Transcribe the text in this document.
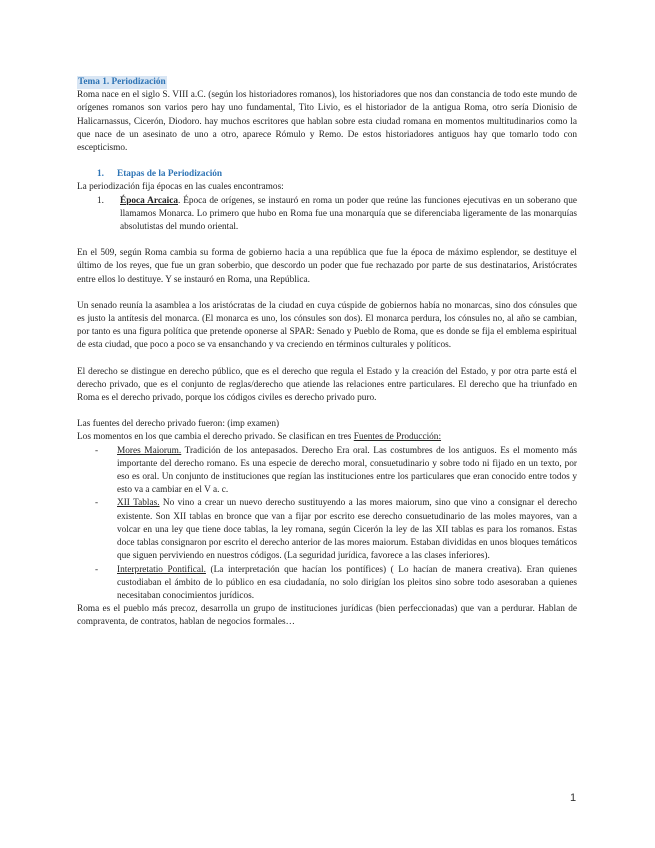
Tema 1. Periodización

Roma nace en el siglo S. VIII a.C. (según los historiadores romanos), los historiadores que nos dan constancia de todo este mundo de orígenes romanos son varios pero hay uno fundamental, Tito Livio, es el historiador de la antigua Roma, otro sería Dionisio de Halicarnassus, Cicerón, Diodoro. hay muchos escritores que hablan sobre esta ciudad romana en momentos multitudinarios como la que nace de un asesinato de uno a otro, aparece Rómulo y Remo. De estos historiadores antiguos hay que tomarlo todo con escepticismo.

1. Etapas de la Periodización

La periodización fija épocas en las cuales encontramos:

1. Época Arcaica. Época de orígenes, se instauró en roma un poder que reúne las funciones ejecutivas en un soberano que llamamos Monarca. Lo primero que hubo en Roma fue una monarquía que se diferenciaba ligeramente de las monarquías absolutistas del mundo oriental.

En el 509, según Roma cambia su forma de gobierno hacia a una república que fue la época de máximo esplendor, se destituye el último de los reyes, que fue un gran soberbio, que descordo un poder que fue rechazado por parte de sus destinatarios, Aristócrates entre ellos lo destituye. Y se instauró en Roma, una República.

Un senado reunía la asamblea a los aristócratas de la ciudad en cuya cúspide de gobiernos había no monarcas, sino dos cónsules que es justo la antítesis del monarca. (El monarca es uno, los cónsules son dos). El monarca perdura, los cónsules no, al año se cambian, por tanto es una figura política que pretende oponerse al SPAR: Senado y Pueblo de Roma, que es donde se fija el emblema espiritual de esta ciudad, que poco a poco se va ensanchando y va creciendo en términos culturales y políticos.

El derecho se distingue en derecho público, que es el derecho que regula el Estado y la creación del Estado, y por otra parte está el derecho privado, que es el conjunto de reglas/derecho que atiende las relaciones entre particulares. El derecho que ha triunfado en Roma es el derecho privado, porque los códigos civiles es derecho privado puro.

Las fuentes del derecho privado fueron: (imp examen)

Los momentos en los que cambia el derecho privado. Se clasifican en tres Fuentes de Producción:

- Mores Maiorum. Tradición de los antepasados. Derecho Era oral. Las costumbres de los antiguos. Es el momento más importante del derecho romano. Es una especie de derecho moral, consuetudinario y sobre todo ni fijado en un texto, por eso es oral. Un conjunto de instituciones que regían las instituciones entre los particulares que eran conocido entre todos y esto va a cambiar en el V a. c.
- XII Tablas. No vino a crear un nuevo derecho sustituyendo a las mores maiorum, sino que vino a consignar el derecho existente. Son XII tablas en bronce que van a fijar por escrito ese derecho consuetudinario de las moles mayores, van a volcar en una ley que tiene doce tablas, la ley romana, según Cicerón la ley de las XII tablas es para los romanos. Estas doce tablas consignaron por escrito el derecho anterior de las mores maiorum. Estaban divididas en unos bloques temáticos que siguen perviviendo en nuestros códigos. (La seguridad jurídica, favorece a las clases inferiores).
- Interpretatio Pontifical. (La interpretación que hacían los pontífices) ( Lo hacían de manera creativa). Eran quienes custodiaban el ámbito de lo público en esa ciudadanía, no solo dirigían los pleitos sino sobre todo asesoraban a quienes necesitaban conocimientos jurídicos.

Roma es el pueblo más precoz, desarrolla un grupo de instituciones jurídicas (bien perfeccionadas) que van a perdurar. Hablan de compraventa, de contratos, hablan de negocios formales…

1
